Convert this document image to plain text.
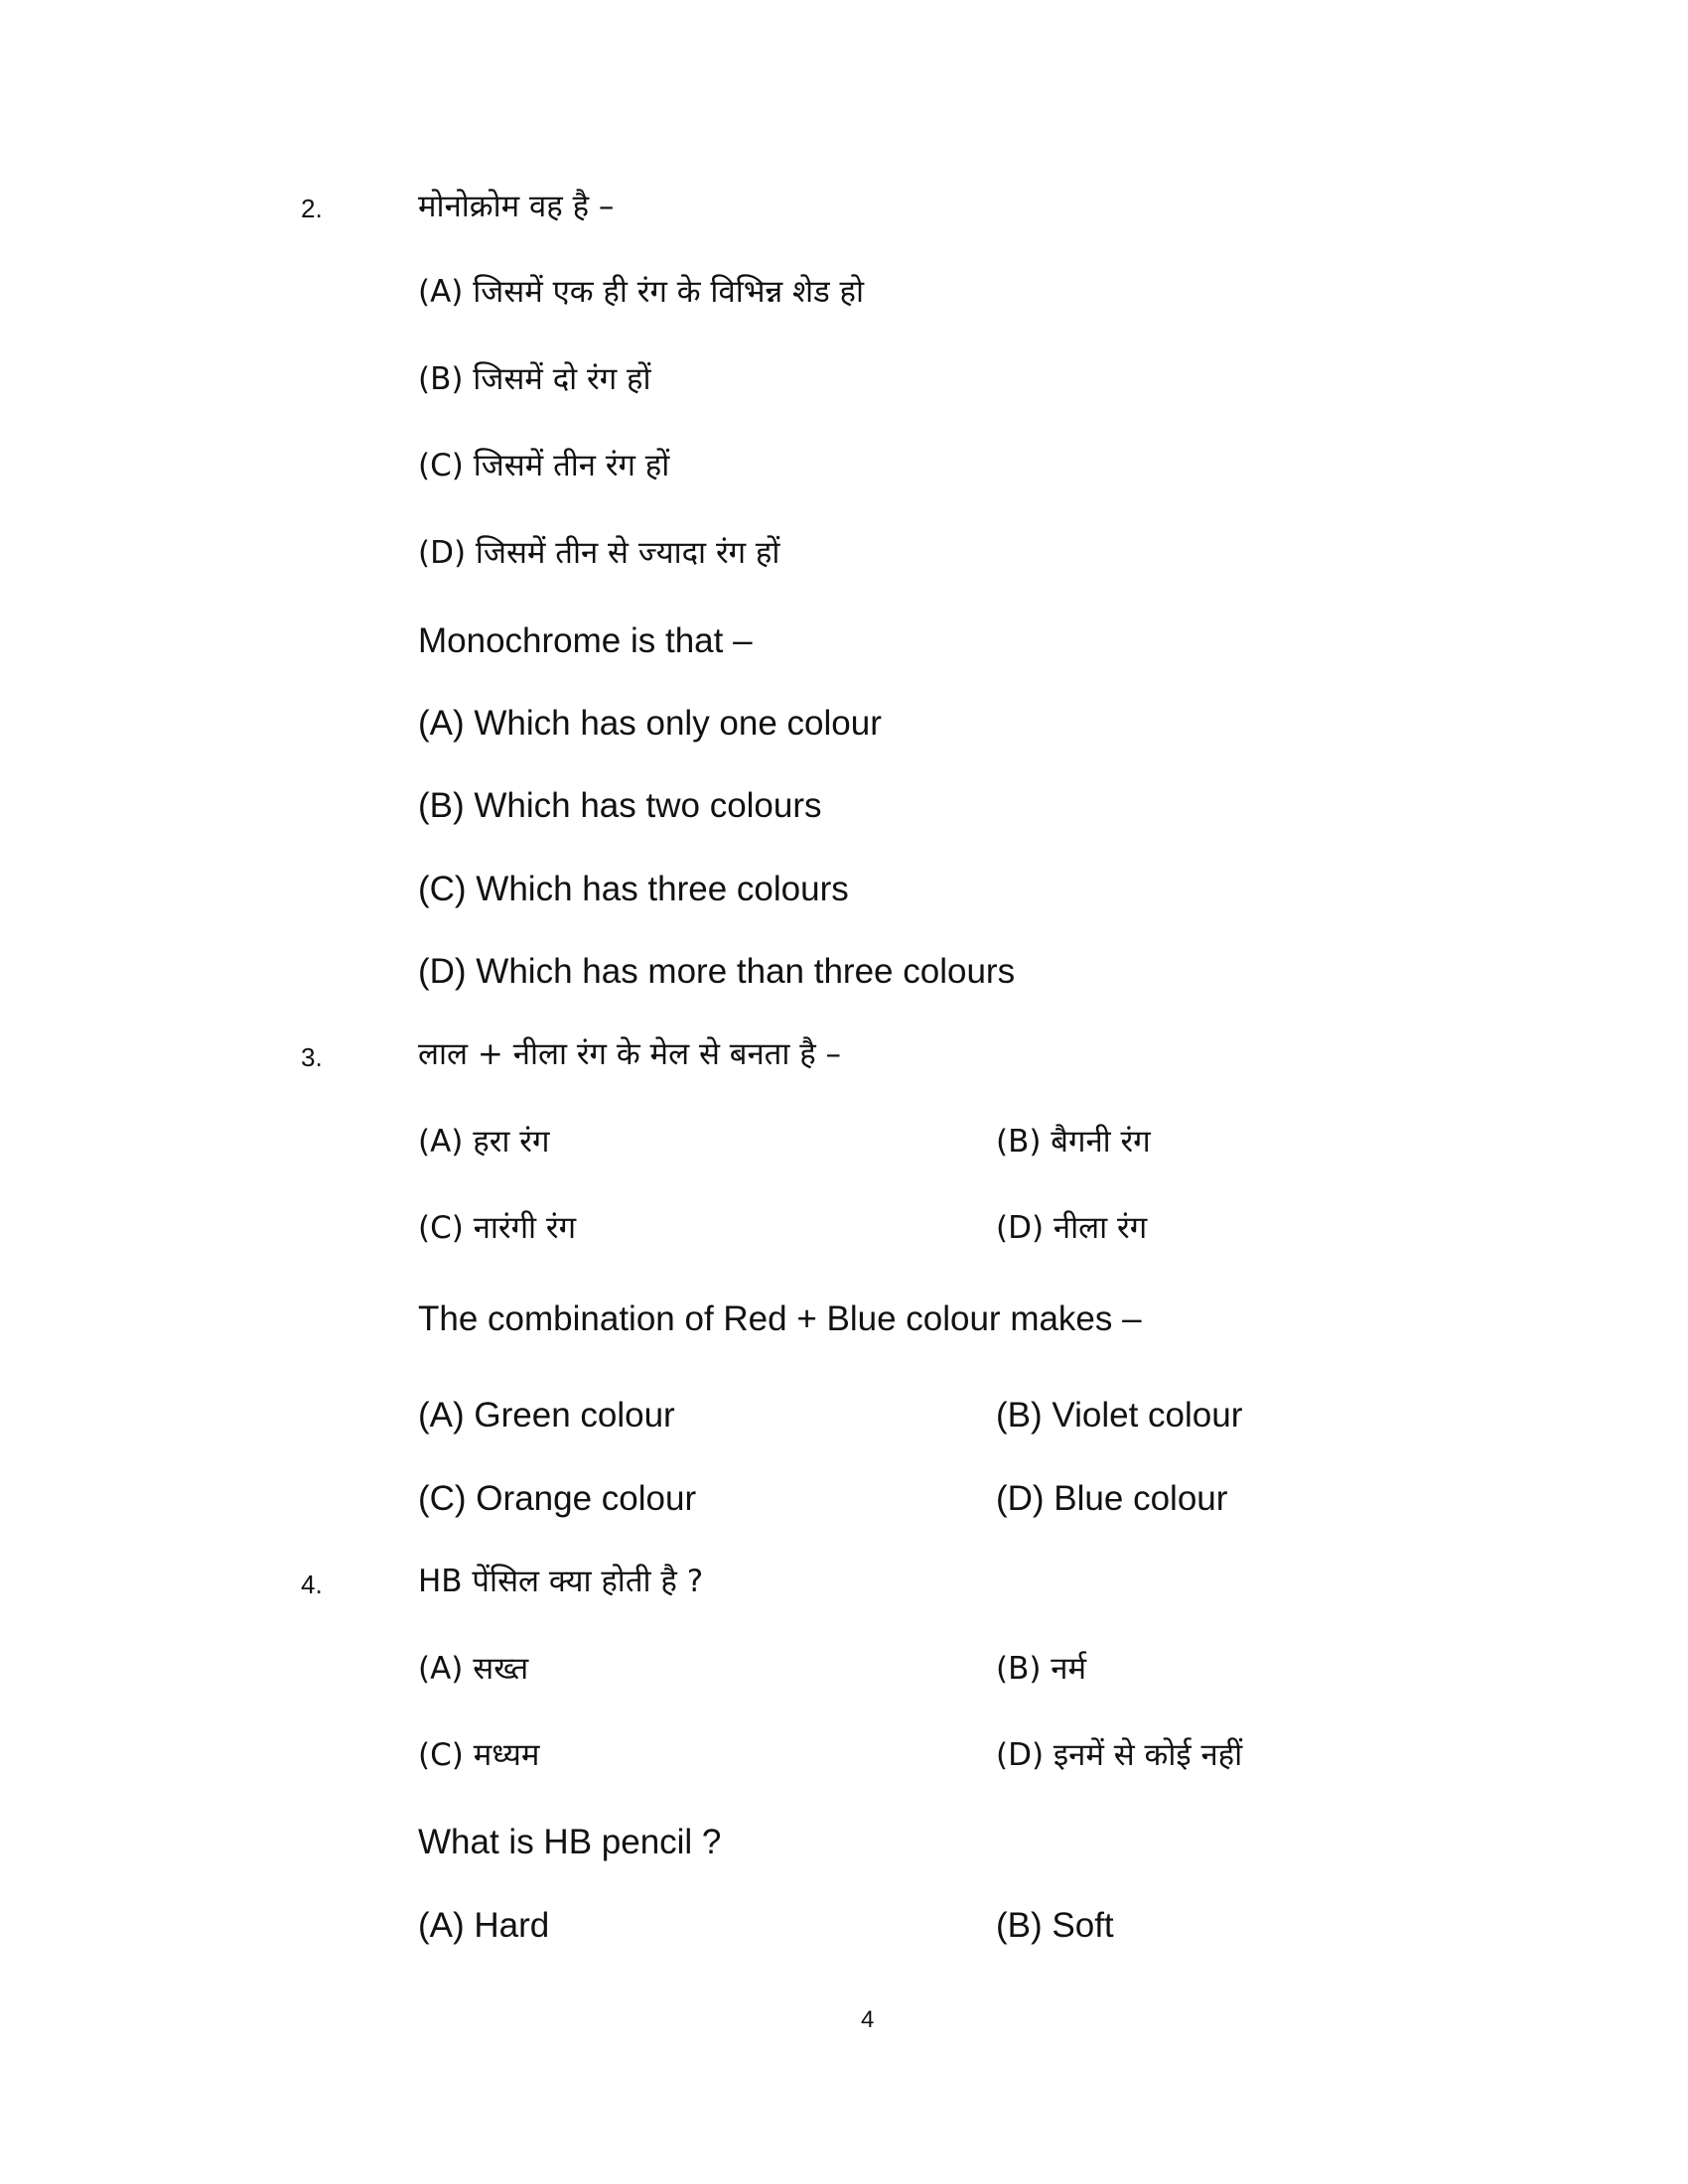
2.	मोनोक्रोम वह है –
(A) जिसमें एक ही रंग के विभिन्न शेड हो
(B) जिसमें दो रंग हों
(C) जिसमें तीन रंग हों
(D) जिसमें तीन से ज्यादा रंग हों
Monochrome is that –
(A) Which has only one colour
(B) Which has two colours
(C) Which has three colours
(D) Which has more than three colours
3.	लाल + नीला रंग के मेल से बनता है –
(A) हरा रंग	(B) बैगनी रंग
(C) नारंगी रंग	(D) नीला रंग
The combination of Red + Blue colour makes –
(A) Green colour	(B) Violet colour
(C) Orange colour	(D) Blue colour
4.	HB पेंसिल क्या होती है ?
(A) सख्त	(B) नर्म
(C) मध्यम	(D) इनमें से कोई नहीं
What is HB pencil ?
(A) Hard	(B) Soft
4
